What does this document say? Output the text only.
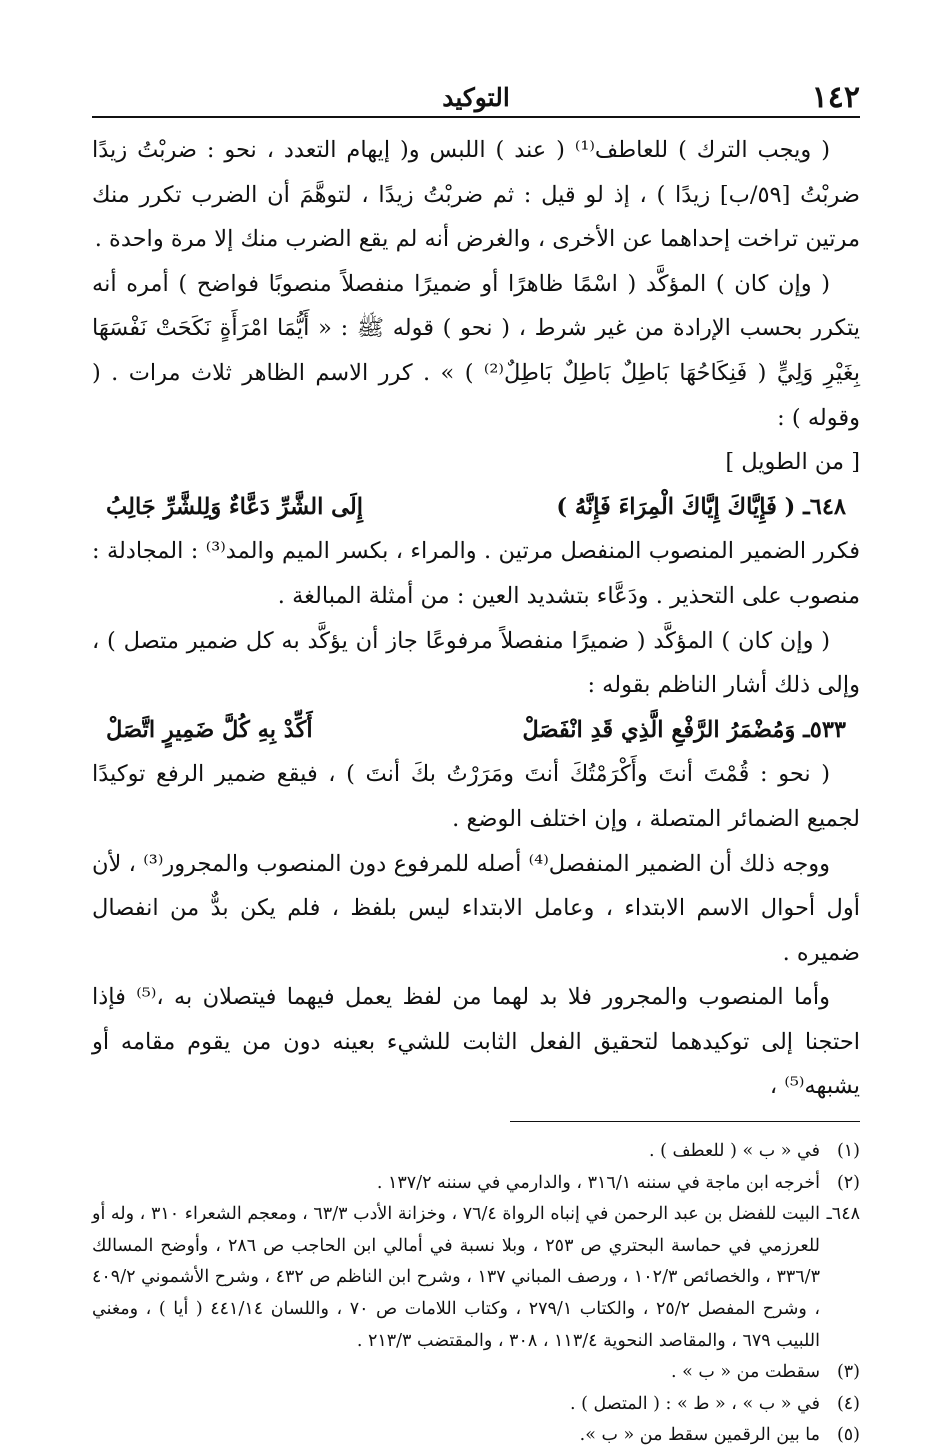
١٤٢
التوكيد

( ويجب الترك ) للعاطف⁽¹⁾ ( عند ) اللبس و( إيهام التعدد ، نحو : ضربْتُ زيدًا ضربْتُ [٥٩/ب] زيدًا ) ، إذ لو قيل : ثم ضربْتُ زيدًا ، لتوهَّمَ أن الضرب تكرر منك مرتين تراخت إحداهما عن الأخرى ، والغرض أنه لم يقع الضرب منك إلا مرة واحدة .

( وإن كان ) المؤكَّد ( اسْمًا ظاهرًا أو ضميرًا منفصلاً منصوبًا فواضح ) أمره أنه يتكرر بحسب الإرادة من غير شرط ، ( نحو ) قوله ﷺ : « أَيُّمَا امْرَأَةٍ نَكَحَتْ نَفْسَهَا بِغَيْرِ وَلِيٍّ ( فَنِكَاحُهَا بَاطِلٌ بَاطِلٌ بَاطِلٌ⁽²⁾ ) » . كرر الاسم الظاهر ثلاث مرات . ( وقوله ) :

[ من الطويل ]

٦٤٨ـ ( فَإِيَّاكَ إِيَّاكَ الْمِرَاءَ فَإِنَّهُ )
إِلَى الشَّرِّ دَعَّاءٌ وَلِلشَّرِّ جَالِبُ

فكرر الضمير المنصوب المنفصل مرتين . والمراء ، بكسر الميم والمد⁽³⁾ : المجادلة : منصوب على التحذير . ودَعَّاء بتشديد العين : من أمثلة المبالغة .

( وإن كان ) المؤكَّد ( ضميرًا منفصلاً مرفوعًا جاز أن يؤكَّد به كل ضمير متصل ) ، وإلى ذلك أشار الناظم بقوله :

٥٣٣ـ وَمُضْمَرُ الرَّفْعِ الَّذِي قَدِ انْفَصَلْ
أَكِّدْ بِهِ كُلَّ ضَمِيرٍ اتَّصَلْ

( نحو : قُمْتَ أنتَ وأَكْرَمْتُكَ أنتَ ومَرَرْتُ بكَ أنتَ ) ، فيقع ضمير الرفع توكيدًا لجميع الضمائر المتصلة ، وإن اختلف الوضع .

ووجه ذلك أن الضمير المنفصل⁽⁴⁾ أصله للمرفوع دون المنصوب والمجرور⁽³⁾ ، لأن أول أحوال الاسم الابتداء ، وعامل الابتداء ليس بلفظ ، فلم يكن بدٌّ من انفصال ضميره .

وأما المنصوب والمجرور فلا بد لهما من لفظ يعمل فيهما فيتصلان به ،⁽⁵⁾ فإذا احتجنا إلى توكيدهما لتحقيق الفعل الثابت للشيء بعينه دون من يقوم مقامه أو يشبهه⁽⁵⁾ ،

(١)
في « ب » ( للعطف ) .
(٢)
أخرجه ابن ماجة في سننه ٣١٦/١ ، والدارمي في سننه ١٣٧/٢ .
٦٤٨ـ
البيت للفضل بن عبد الرحمن في إنباه الرواة ٧٦/٤ ، وخزانة الأدب ٦٣/٣ ، ومعجم الشعراء ٣١٠ ، وله أو للعرزمي في حماسة البحتري ص ٢٥٣ ، وبلا نسبة في أمالي ابن الحاجب ص ٢٨٦ ، وأوضح المسالك ٣٣٦/٣ ، والخصائص ١٠٢/٣ ، ورصف المباني ١٣٧ ، وشرح ابن الناظم ص ٤٣٢ ، وشرح الأشموني ٤٠٩/٢ ، وشرح المفصل ٢٥/٢ ، والكتاب ٢٧٩/١ ، وكتاب اللامات ص ٧٠ ، واللسان ٤٤١/١٤ ( أيا ) ، ومغني اللبيب ٦٧٩ ، والمقاصد النحوية ١١٣/٤ ، ٣٠٨ ، والمقتضب ٢١٣/٣ .
(٣)
سقطت من « ب » .
(٤)
في « ب » ، « ط » : ( المتصل ) .
(٥)
ما بين الرقمين سقط من « ب ».
